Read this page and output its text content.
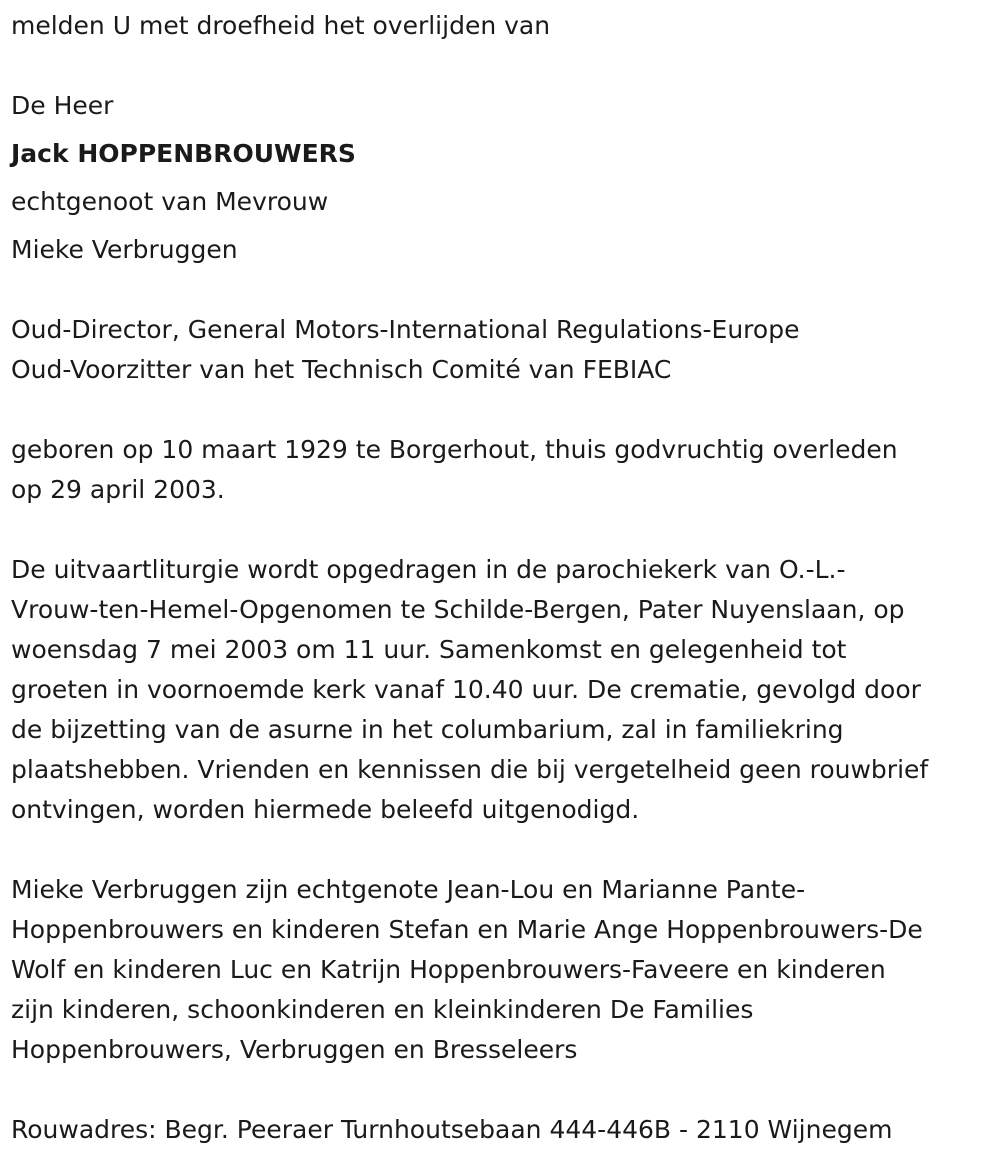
melden U met droefheid het overlijden van
De Heer
Jack HOPPENBROUWERS
echtgenoot van Mevrouw
Mieke Verbruggen
Oud-Director, General Motors-International Regulations-Europe
Oud-Voorzitter van het Technisch Comité van FEBIAC
geboren op 10 maart 1929 te Borgerhout, thuis godvruchtig overleden
op 29 april 2003.
De uitvaartliturgie wordt opgedragen in de parochiekerk van O.-L.-
Vrouw-ten-Hemel-Opgenomen te Schilde-Bergen, Pater Nuyenslaan, op
woensdag 7 mei 2003 om 11 uur. Samenkomst en gelegenheid tot
groeten in voornoemde kerk vanaf 10.40 uur. De crematie, gevolgd door
de bijzetting van de asurne in het columbarium, zal in familiekring
plaatshebben. Vrienden en kennissen die bij vergetelheid geen rouwbrief
ontvingen, worden hiermede beleefd uitgenodigd.
Mieke Verbruggen zijn echtgenote Jean-Lou en Marianne Pante-
Hoppenbrouwers en kinderen Stefan en Marie Ange Hoppenbrouwers-De
Wolf en kinderen Luc en Katrijn Hoppenbrouwers-Faveere en kinderen
zijn kinderen, schoonkinderen en kleinkinderen De Families
Hoppenbrouwers, Verbruggen en Bresseleers
Rouwadres: Begr. Peeraer Turnhoutsebaan 444-446B - 2110 Wijnegem
